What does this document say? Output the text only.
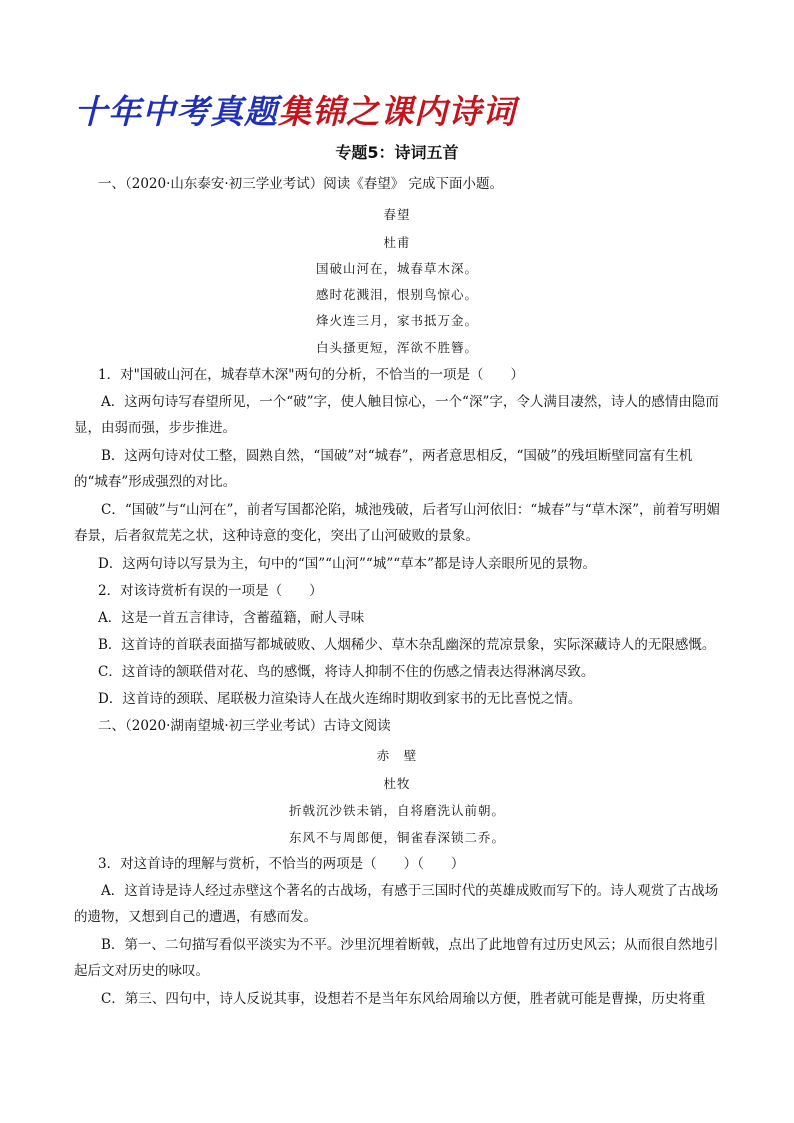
十年中考真题集锦之课内诗词
专题5：诗词五首
一、（2020·山东泰安·初三学业考试）阅读《春望》 完成下面小题。
春望
杜甫
国破山河在，城春草木深。
感时花溅泪，恨别鸟惊心。
烽火连三月，家书抵万金。
白头搔更短，浑欲不胜簪。
1．对"国破山河在，城春草木深"两句的分析，不恰当的一项是（　　）
A．这两句诗写春望所见，一个“破”字，使人触目惊心，一个“深”字，令人满目凄然，诗人的感情由隐而显，由弱而强，步步推进。
B．这两句诗对仗工整，圆熟自然，“国破”对“城春”，两者意思相反，“国破”的残垣断壁同富有生机的“城春”形成强烈的对比。
C．“国破”与“山河在”，前者写国都沦陷，城池残破，后者写山河依旧：“城春”与“草木深”，前着写明媚春景，后者叙荒芜之状，这种诗意的变化，突出了山河破败的景象。
D．这两句诗以写景为主，句中的“国”“山河”“城”“草本”都是诗人亲眼所见的景物。
2．对该诗赏析有误的一项是（　　）
A．这是一首五言律诗，含蓄蕴籍，耐人寻味
B．这首诗的首联表面描写都城破败、人烟稀少、草木杂乱幽深的荒凉景象，实际深藏诗人的无限感慨。
C．这首诗的颔联借对花、鸟的感慨，将诗人抑制不住的伤感之情表达得淋漓尽致。
D．这首诗的颈联、尾联极力渲染诗人在战火连绵时期收到家书的无比喜悦之情。
二、（2020·湖南望城·初三学业考试）古诗文阅读
赤　壁
杜牧
折戟沉沙铁未销，自将磨洗认前朝。
东风不与周郎便，铜雀春深锁二乔。
3．对这首诗的理解与赏析，不恰当的两项是（　　）（　　）
A．这首诗是诗人经过赤壁这个著名的古战场，有感于三国时代的英雄成败而写下的。诗人观赏了古战场的遗物，又想到自己的遭遇，有感而发。
B．第一、二句描写看似平淡实为不平。沙里沉埋着断戟，点出了此地曾有过历史风云；从而很自然地引起后文对历史的咏叹。
C．第三、四句中，诗人反说其事，设想若不是当年东风给周瑜以方便，胜者就可能是曹操，历史将重
